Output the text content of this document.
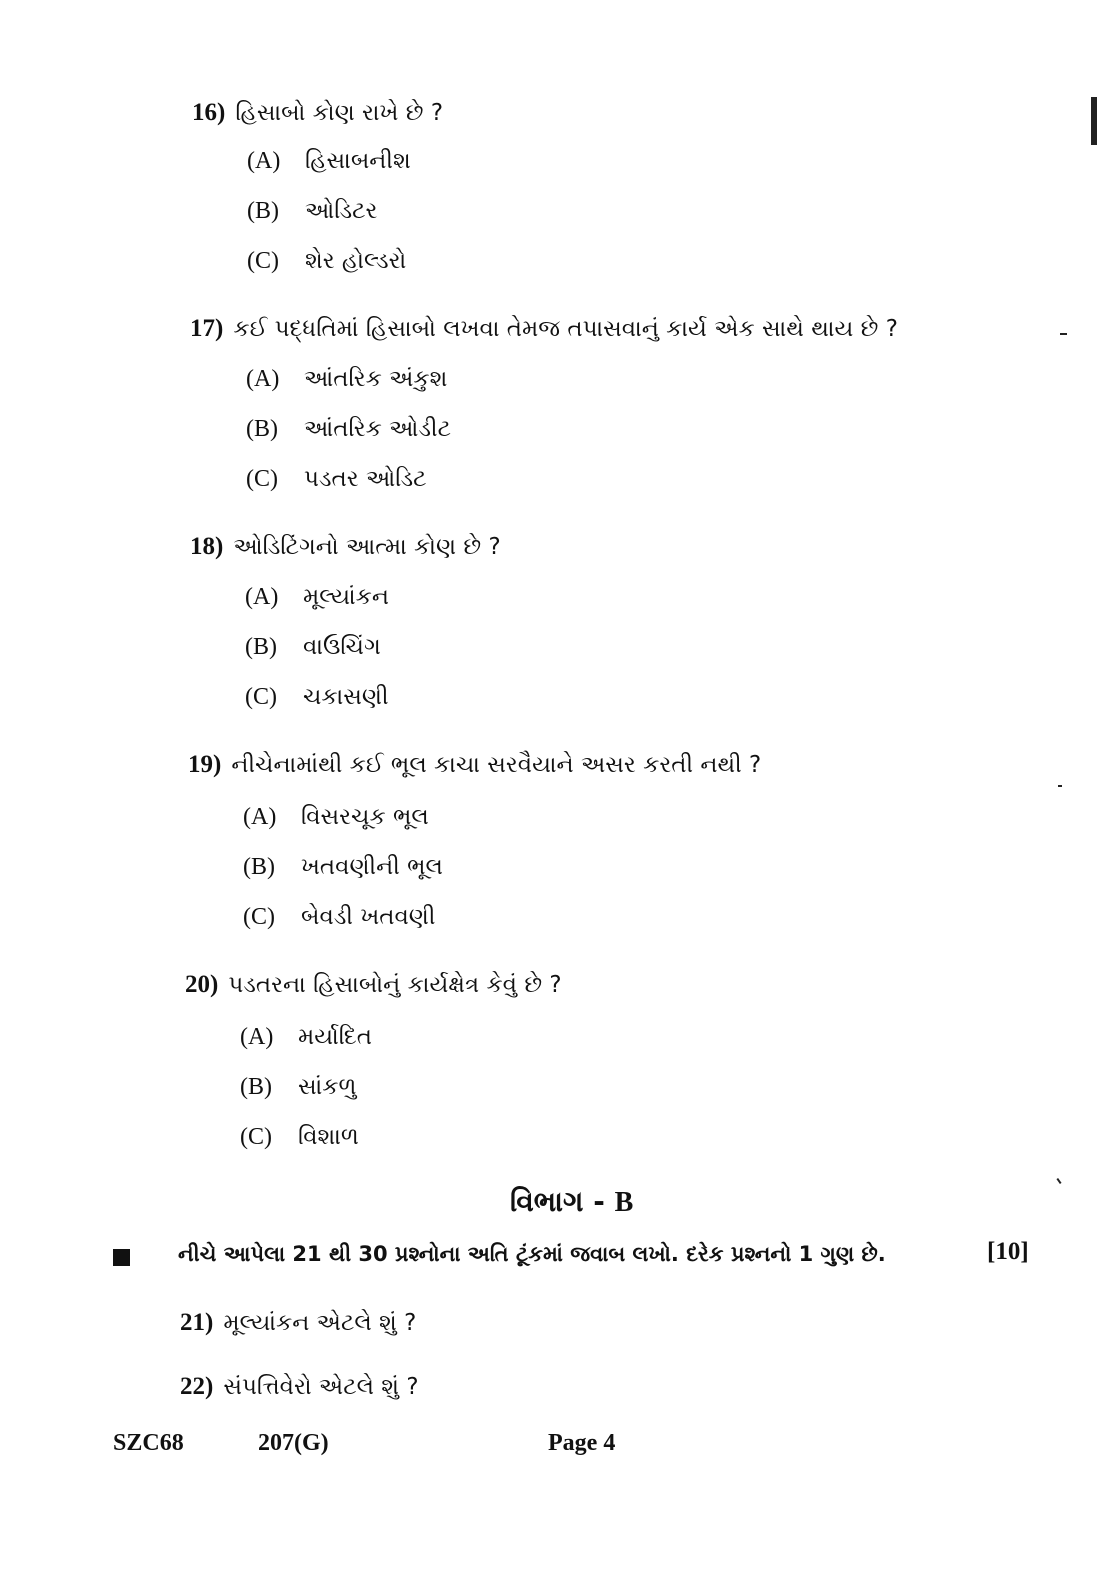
16) હિસાબો કોણ રાખે છે ?
(A) હિસાબનીશ
(B) ઓડિટર
(C) શેર હોલ્ડરો
17) કઈ પદ્ધતિમાં હિસાબો લખવા તેમજ તપાસવાનું કાર્ય એક સાથે થાય છે ?
(A) આંતરિક અંકુશ
(B) આંતરિક ઓડીટ
(C) પડતર ઓડિટ
18) ઓડિટિંગનો આત્મા કોણ છે ?
(A) મૂલ્યાંકન
(B) વાઉચિંગ
(C) ચકાસણી
19) નીચેનામાંથી કઈ ભૂલ કાચા સરવૈયાને અસર કરતી નથી ?
(A) વિસરચૂક ભૂલ
(B) ખતવણીની ભૂલ
(C) બેવડી ખતવણી
20) પડતરના હિસાબોનું કાર્યક્ષેત્ર કેવું છે ?
(A) મર્યાદિત
(B) સાંકળુ
(C) વિશાળ
વિભાગ - B
નીચે આપેલા 21 થી 30 પ્રશ્નોના અતિ ટૂંકમાં જવાબ લખો. દરેક પ્રશ્નનો 1 ગુણ છે.	[10]
21) મૂલ્યાંકન એટલે શું ?
22) સંપત્તિવેરો એટલે શું ?
SZC68	207(G)	Page 4
